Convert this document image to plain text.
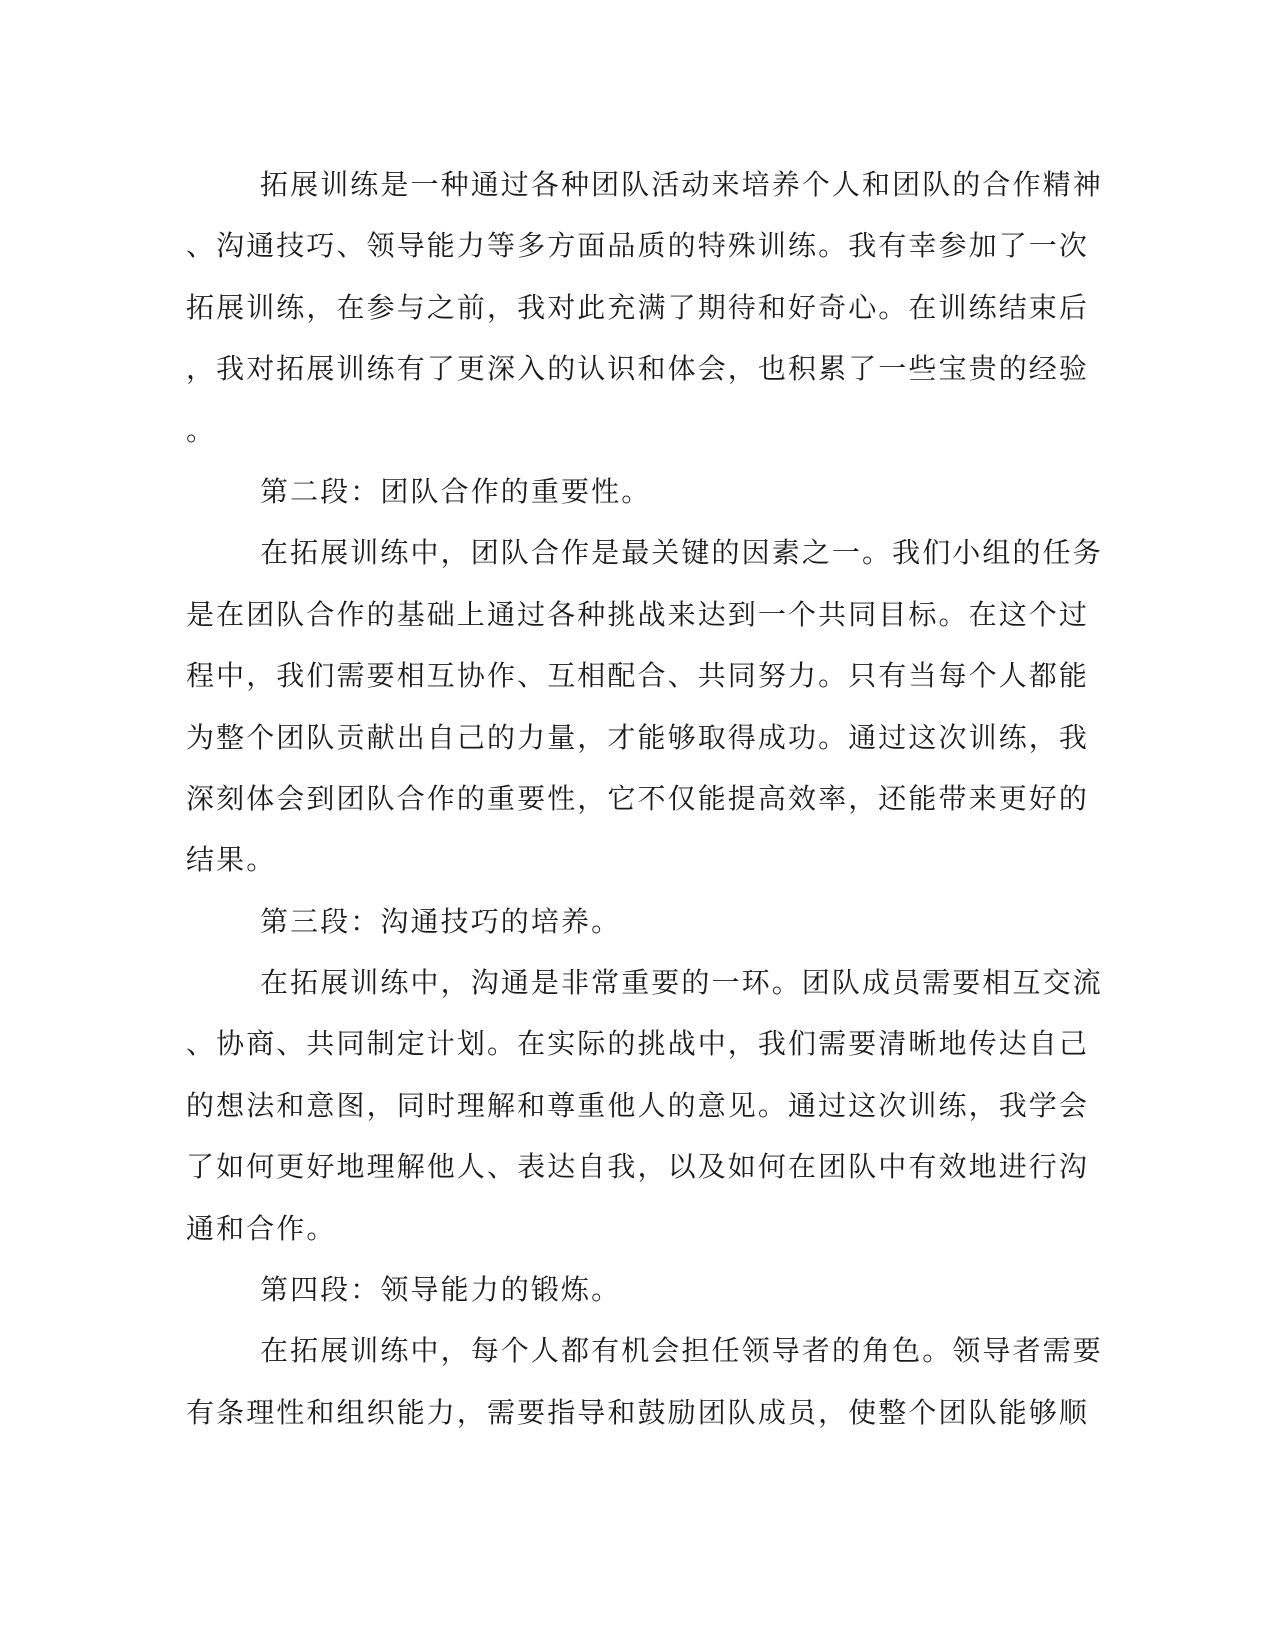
拓展训练是一种通过各种团队活动来培养个人和团队的合作精神
、沟通技巧、领导能力等多方面品质的特殊训练。我有幸参加了一次
拓展训练，在参与之前，我对此充满了期待和好奇心。在训练结束后
，我对拓展训练有了更深入的认识和体会，也积累了一些宝贵的经验
。
第二段：团队合作的重要性。
在拓展训练中，团队合作是最关键的因素之一。我们小组的任务
是在团队合作的基础上通过各种挑战来达到一个共同目标。在这个过
程中，我们需要相互协作、互相配合、共同努力。只有当每个人都能
为整个团队贡献出自己的力量，才能够取得成功。通过这次训练，我
深刻体会到团队合作的重要性，它不仅能提高效率，还能带来更好的
结果。
第三段：沟通技巧的培养。
在拓展训练中，沟通是非常重要的一环。团队成员需要相互交流
、协商、共同制定计划。在实际的挑战中，我们需要清晰地传达自己
的想法和意图，同时理解和尊重他人的意见。通过这次训练，我学会
了如何更好地理解他人、表达自我，以及如何在团队中有效地进行沟
通和合作。
第四段：领导能力的锻炼。
在拓展训练中，每个人都有机会担任领导者的角色。领导者需要
有条理性和组织能力，需要指导和鼓励团队成员，使整个团队能够顺
